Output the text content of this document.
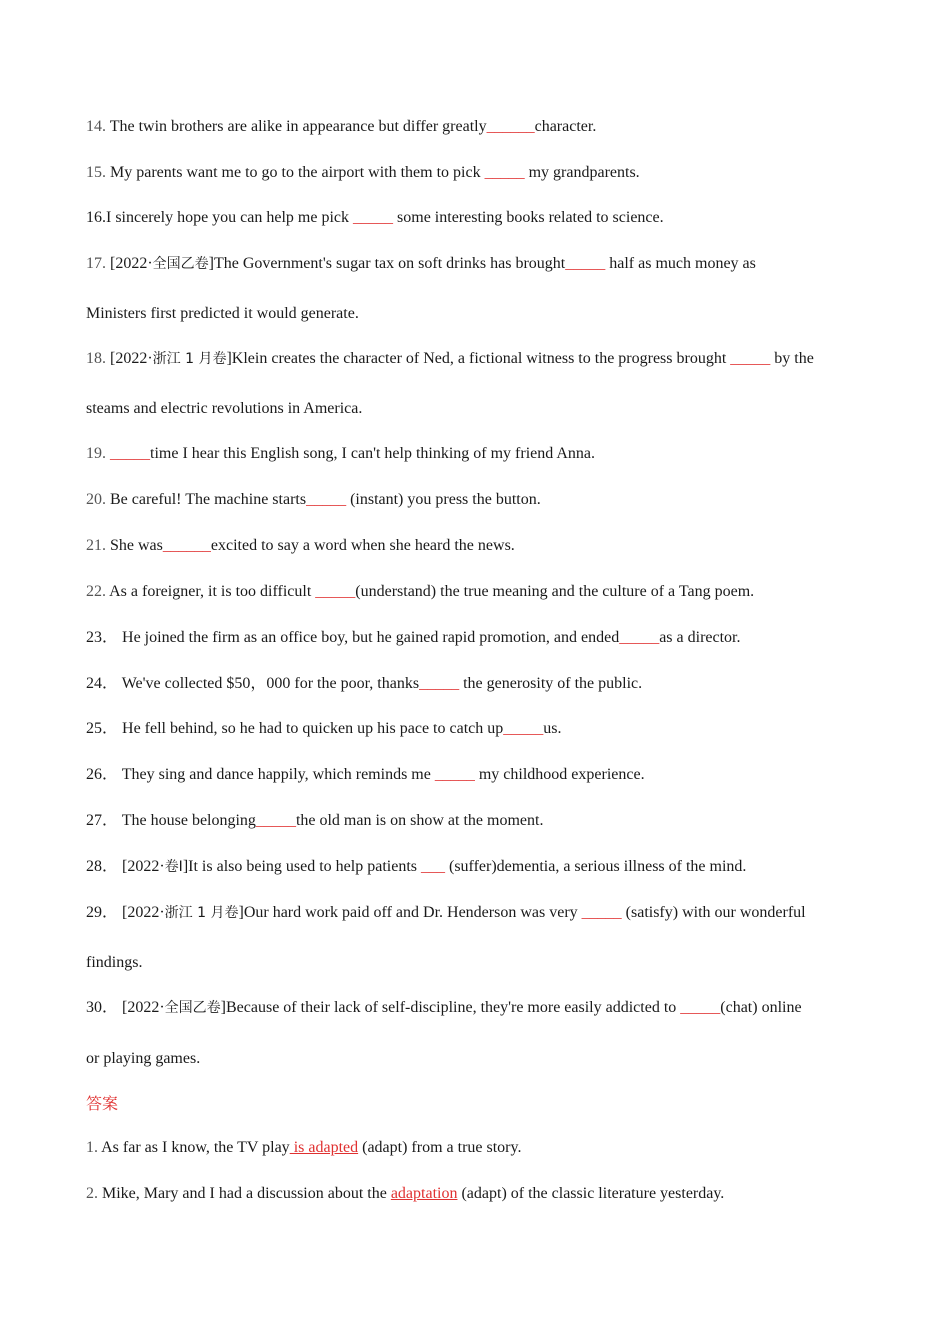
14. The twin brothers are alike in appearance but differ greatly______character.
15. My parents want me to go to the airport with them to pick _____ my grandparents.
16.I sincerely hope you can help me pick _____ some interesting books related to science.
17. [2022·全国乙卷]The Government's sugar tax on soft drinks has brought_____ half as much money as
Ministers first predicted it would generate.
18. [2022·浙江 1 月卷]Klein creates the character of Ned, a fictional witness to the progress brought _____ by the
steams and electric revolutions in America.
19. _____time I hear this English song, I can't help thinking of my friend Anna.
20. Be careful! The machine starts_____ (instant) you press the button.
21. She was______excited to say a word when she heard the news.
22. As a foreigner, it is too difficult _____(understand) the true meaning and the culture of a Tang poem.
23． He joined the firm as an office boy, but he gained rapid promotion, and ended_____as a director.
24． We've collected $50，000 for the poor, thanks_____ the generosity of the public.
25． He fell behind, so he had to quicken up his pace to catch up_____us.
26． They sing and dance happily, which reminds me _____ my childhood experience.
27． The house belonging_____the old man is on show at the moment.
28． [2022·卷Ⅰ]It is also being used to help patients ___ (suffer)dementia, a serious illness of the mind.
29． [2022·浙江 1 月卷]Our hard work paid off and Dr. Henderson was very _____ (satisfy) with our wonderful
findings.
30． [2022·全国乙卷]Because of their lack of self-discipline, they're more easily addicted to _____(chat) online
or playing games.
答案
1. As far as I know, the TV play is adapted (adapt) from a true story.
2. Mike, Mary and I had a discussion about the adaptation (adapt) of the classic literature yesterday.
